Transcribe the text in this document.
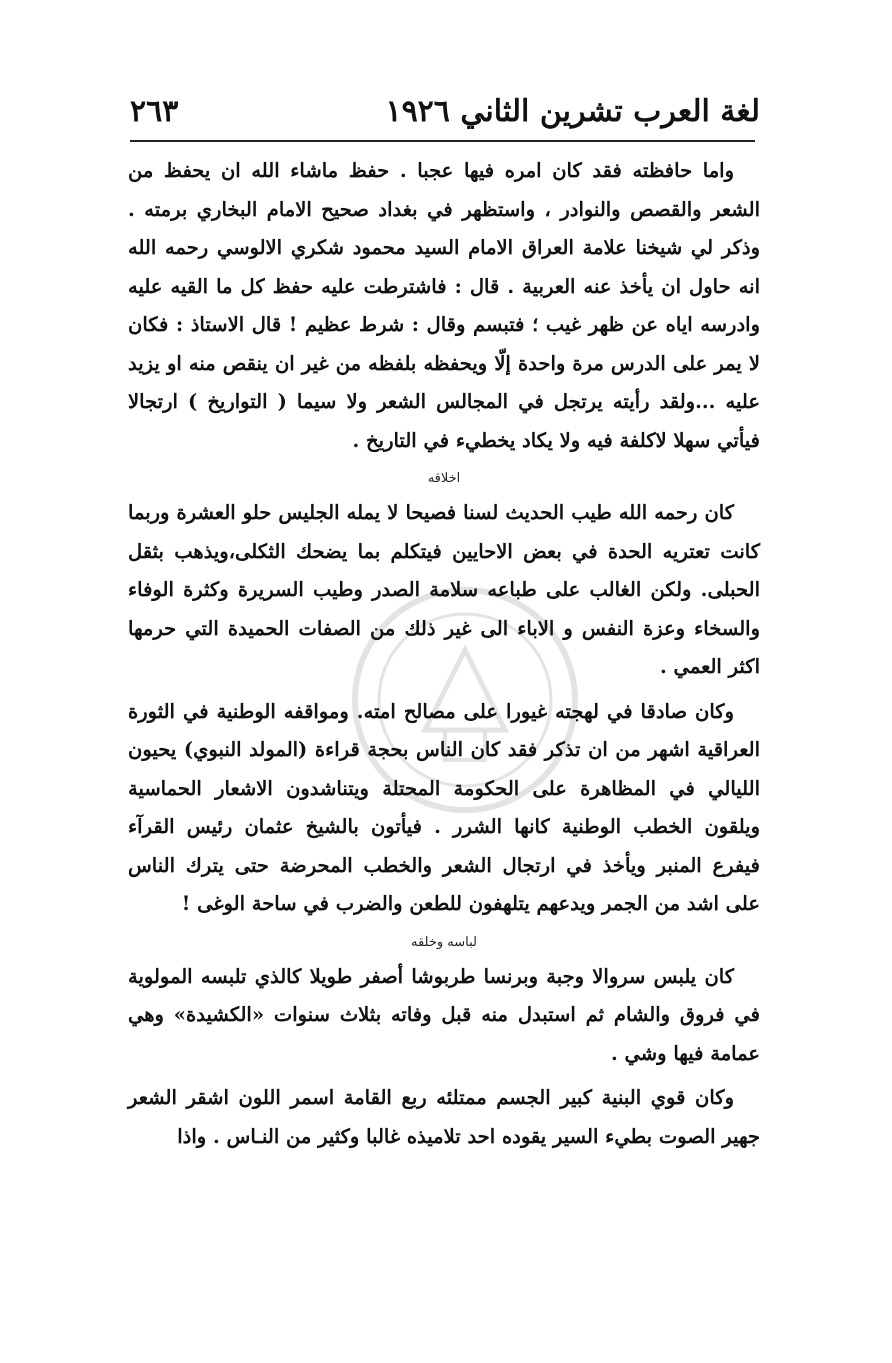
لغة العرب تشرين الثاني ١٩٢٦
٢٦٣

واما حافظته فقد كان امره فيها عجبا . حفظ ماشاء الله ان يحفظ من الشعر والقصص والنوادر ، واستظهر في بغداد صحيح الامام البخاري برمته . وذكر لي شيخنا علامة العراق الامام السيد محمود شكري الالوسي رحمه الله انه حاول ان يأخذ عنه العربية . قال : فاشترطت عليه حفظ كل ما القيه عليه وادرسه اياه عن ظهر غيب ؛ فتبسم وقال : شرط عظيم ! قال الاستاذ : فكان لا يمر على الدرس مرة واحدة إلّا ويحفظه بلفظه من غير ان ينقص منه او يزيد عليه ...ولقد رأيته يرتجل في المجالس الشعر ولا سيما ( التواريخ ) ارتجالا فيأتي سهلا لاكلفة فيه ولا يكاد يخطيء في التاريخ .

اخلاقه

كان رحمه الله طيب الحديث لسنا فصيحا لا يمله الجليس حلو العشرة وربما كانت تعتريه الحدة في بعض الاحايين فيتكلم بما يضحك الثكلى،ويذهب بثقل الحبلى. ولكن الغالب على طباعه سلامة الصدر وطيب السريرة وكثرة الوفاء والسخاء وعزة النفس و الاباء الى غير ذلك من الصفات الحميدة التي حرمها اكثر العمي .

وكان صادقا في لهجته غيورا على مصالح امته. ومواقفه الوطنية في الثورة العراقية اشهر من ان تذكر فقد كان الناس بحجة قراءة (المولد النبوي) يحيون الليالي في المظاهرة على الحكومة المحتلة ويتناشدون الاشعار الحماسية ويلقون الخطب الوطنية كانها الشرر . فيأتون بالشيخ عثمان رئيس القرآء فيفرع المنبر ويأخذ في ارتجال الشعر والخطب المحرضة حتى يترك الناس على اشد من الجمر ويدعهم يتلهفون للطعن والضرب في ساحة الوغى !

لباسه وخلقه

كان يلبس سروالا وجبة وبرنسا طربوشا أصفر طويلا كالذي تلبسه المولوية في فروق والشام ثم استبدل منه قبل وفاته بثلاث سنوات «الكشيدة» وهي عمامة فيها وشي .

وكان قوي البنية كبير الجسم ممتلئه ربع القامة اسمر اللون اشقر الشعر جهير الصوت بطيء السير يقوده احد تلاميذه غالبا وكثير من النـاس . واذا
